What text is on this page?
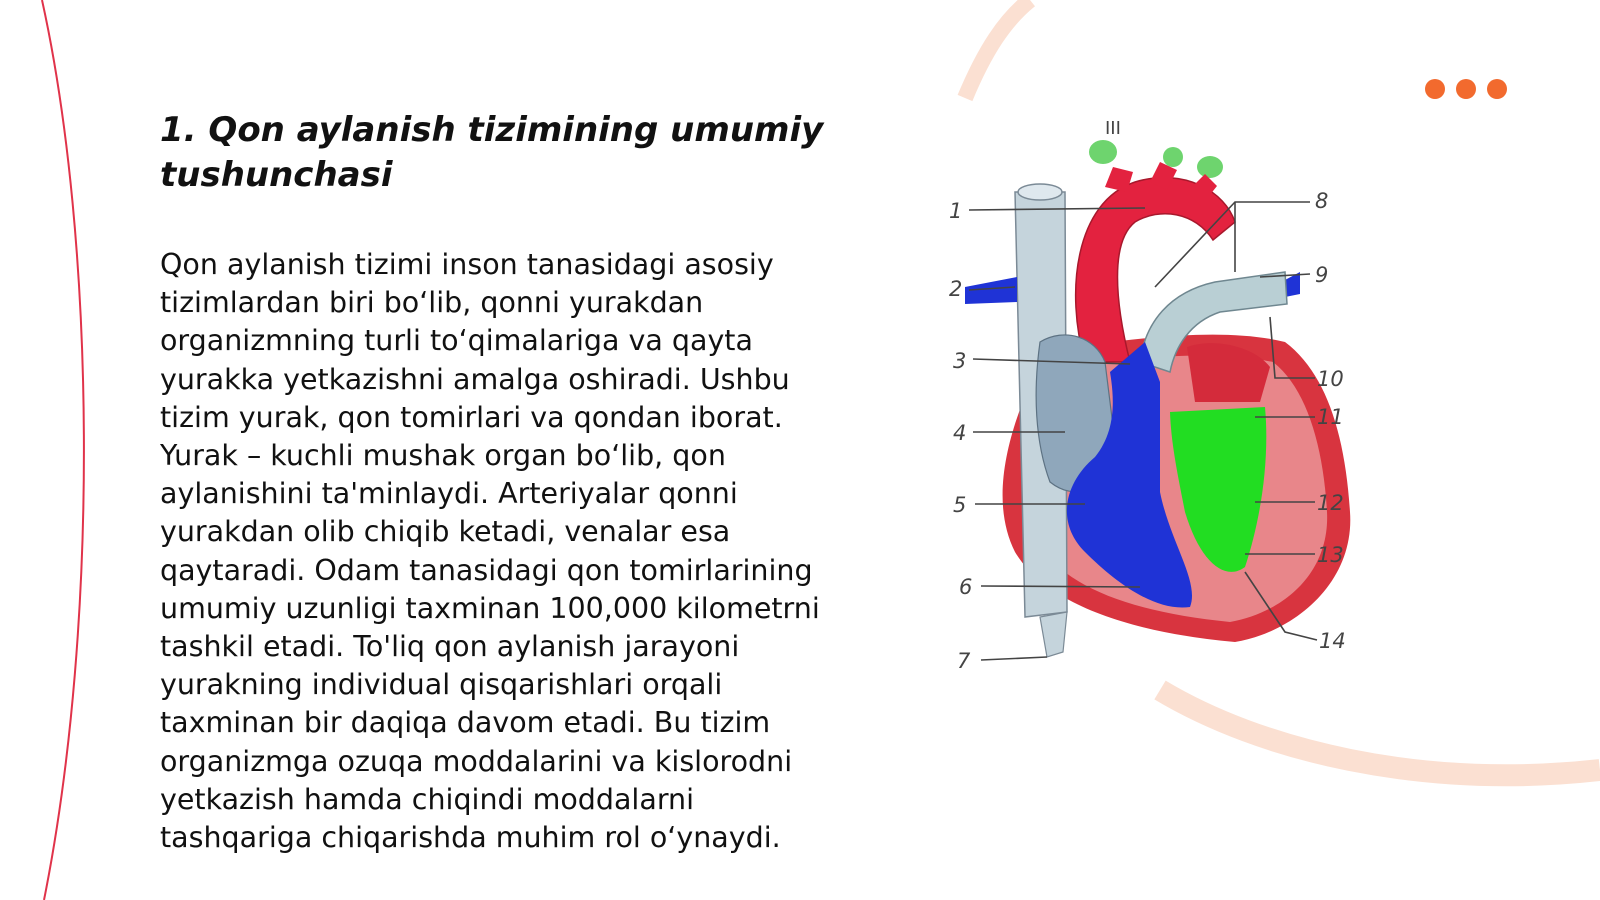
1. Qon aylanish tizimining umumiy tushunchasi

Qon aylanish tizimi inson tanasidagi asosiy tizimlardan biri bo‘lib, qonni yurakdan organizmning turli to‘qimalariga va qayta yurakka yetkazishni amalga oshiradi. Ushbu tizim yurak, qon tomirlari va qondan iborat. Yurak – kuchli mushak organ bo‘lib, qon aylanishini ta'minlaydi. Arteriyalar qonni yurakdan olib chiqib ketadi, venalar esa qaytaradi. Odam tanasidagi qon tomirlarining umumiy uzunligi taxminan 100,000 kilometrni tashkil etadi. To'liq qon aylanish jarayoni yurakning individual qisqarishlari orqali taxminan bir daqiqa davom etadi. Bu tizim organizmga ozuqa moddalarini va kislorodni yetkazish hamda chiqindi moddalarni tashqariga chiqarishda muhim rol o‘ynaydi.

III
1
2
3
4
5
6
7
8
9
10
11
12
13
14
